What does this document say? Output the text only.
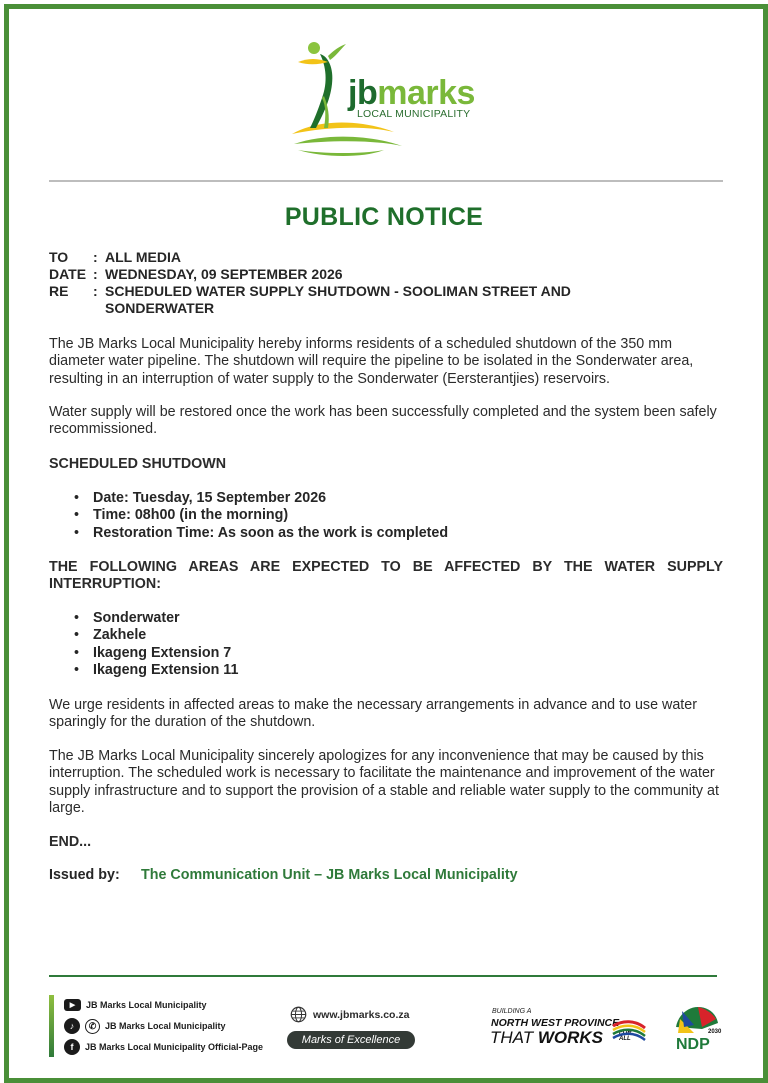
jbmarks
LOCAL MUNICIPALITY
PUBLIC NOTICE
TO	: ALL MEDIA
DATE : WEDNESDAY, 09 SEPTEMBER 2026
RE	: SCHEDULED WATER SUPPLY SHUTDOWN - SOOLIMAN STREET AND SONDERWATER
The JB Marks Local Municipality hereby informs residents of a scheduled shutdown of the 350 mm diameter water pipeline. The shutdown will require the pipeline to be isolated in the Sonderwater area, resulting in an interruption of water supply to the Sonderwater (Eersterantjies) reservoirs.
Water supply will be restored once the work has been successfully completed and the system been safely recommissioned.
SCHEDULED SHUTDOWN
• Date: Tuesday, 15 September 2026
• Time: 08h00 (in the morning)
• Restoration Time: As soon as the work is completed
THE FOLLOWING AREAS ARE EXPECTED TO BE AFFECTED BY THE WATER SUPPLY INTERRUPTION:
• Sonderwater
• Zakhele
• Ikageng Extension 7
• Ikageng Extension 11
We urge residents in affected areas to make the necessary arrangements in advance and to use water sparingly for the duration of the shutdown.
The JB Marks Local Municipality sincerely apologizes for any inconvenience that may be caused by this interruption. The scheduled work is necessary to facilitate the maintenance and improvement of the water supply infrastructure and to support the provision of a stable and reliable water supply to the community at large.
END...
Issued by: The Communication Unit – JB Marks Local Municipality
▶	JB Marks Local Municipality
♪	✆ JB Marks Local Municipality
f	JB Marks Local Municipality Official-Page
www.jbmarks.co.za
Marks of Excellence
BUILDING A
NORTH WEST PROVINCE
THAT WORKS	FOR
ALL
2030
NDP
